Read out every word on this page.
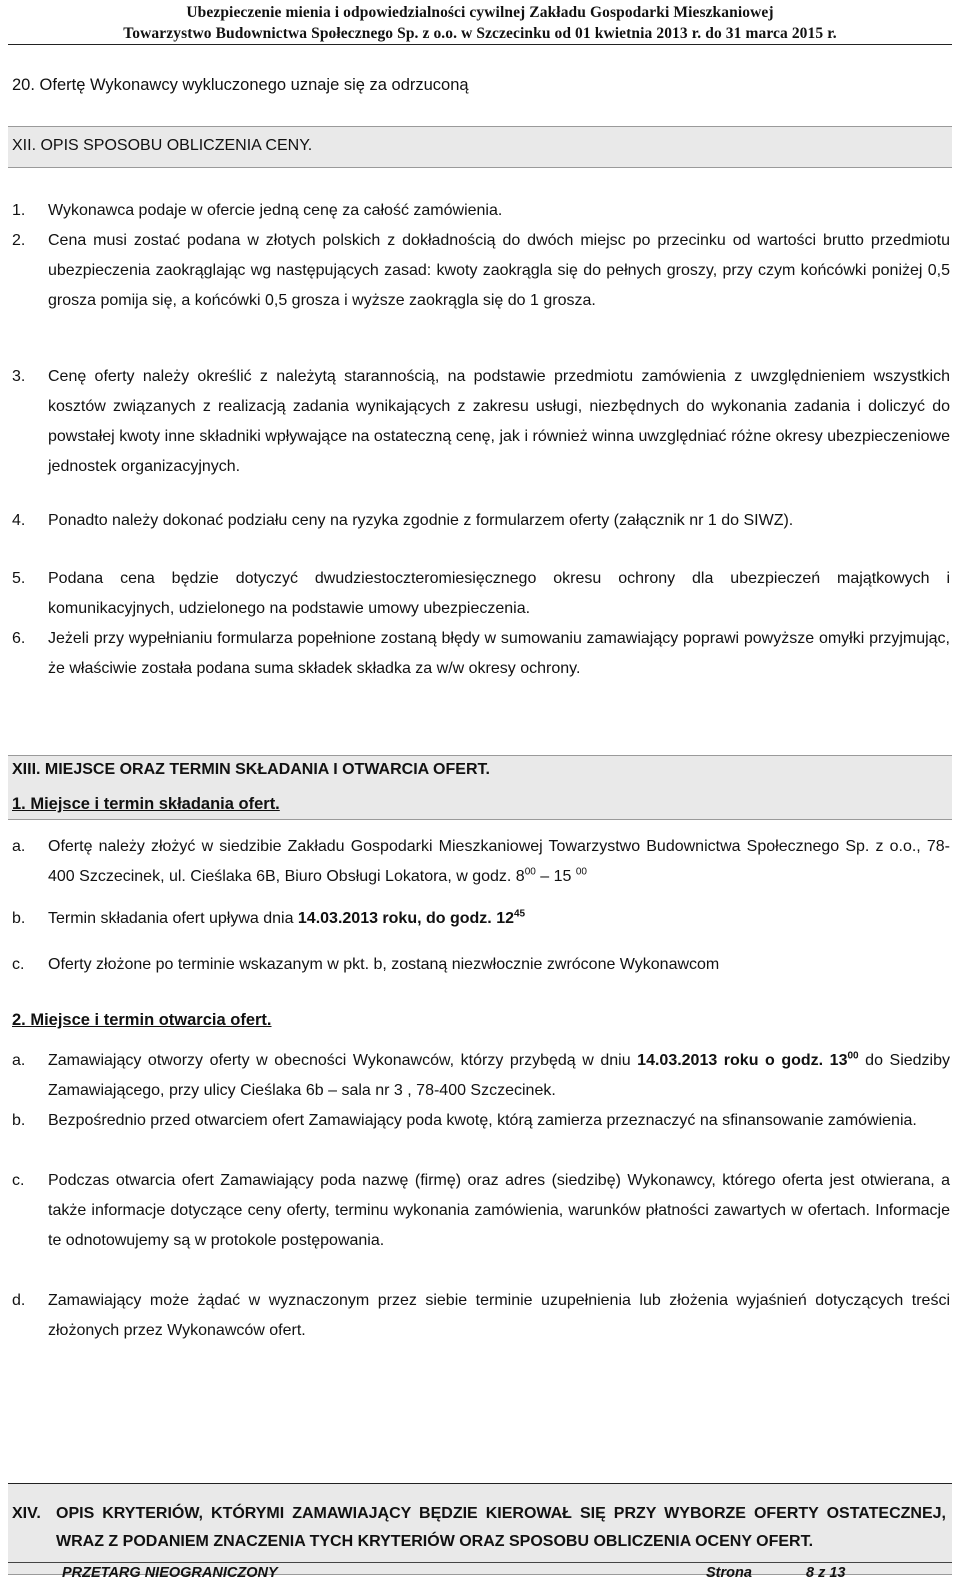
Ubezpieczenie mienia i odpowiedzialności cywilnej Zakładu Gospodarki Mieszkaniowej
Towarzystwo Budownictwa Społecznego Sp. z o.o. w Szczecinku od 01 kwietnia 2013 r. do 31 marca 2015 r.
20. Ofertę Wykonawcy wykluczonego uznaje się za odrzuconą
XII. OPIS SPOSOBU OBLICZENIA CENY.
1. Wykonawca podaje w ofercie jedną cenę za całość zamówienia.
2. Cena musi zostać podana w złotych polskich z dokładnością do dwóch miejsc po przecinku od wartości brutto przedmiotu ubezpieczenia zaokrąglając wg następujących zasad: kwoty zaokrągla się do pełnych groszy, przy czym końcówki poniżej 0,5 grosza pomija się, a końcówki 0,5 grosza i wyższe zaokrągla się do 1 grosza.
3. Cenę oferty należy określić z należytą starannością, na podstawie przedmiotu zamówienia z uwzględnieniem wszystkich kosztów związanych z realizacją zadania wynikających z zakresu usługi, niezbędnych do wykonania zadania i doliczyć do powstałej kwoty inne składniki wpływające na ostateczną cenę, jak i również winna uwzględniać różne okresy ubezpieczeniowe jednostek organizacyjnych.
4. Ponadto należy dokonać podziału ceny na ryzyka zgodnie z formularzem oferty (załącznik nr 1 do SIWZ).
5. Podana cena będzie dotyczyć dwudziestoczteromiesięcznego okresu ochrony dla ubezpieczeń majątkowych i komunikacyjnych, udzielonego na podstawie umowy ubezpieczenia.
6. Jeżeli przy wypełnianiu formularza popełnione zostaną błędy w sumowaniu zamawiający poprawi powyższe omyłki przyjmując, że właściwie została podana suma składek składka za w/w okresy ochrony.
XIII. MIEJSCE ORAZ TERMIN SKŁADANIA I OTWARCIA OFERT.
1. Miejsce i termin składania ofert.
a. Ofertę należy złożyć w siedzibie Zakładu Gospodarki Mieszkaniowej Towarzystwo Budownictwa Społecznego Sp. z o.o., 78-400 Szczecinek, ul. Cieślaka 6B, Biuro Obsługi Lokatora, w godz. $8^{00} - 15$ $^{00}$
b. Termin składania ofert upływa dnia 14.03.2013 roku, do godz. $12^{45}$
c. Oferty złożone po terminie wskazanym w pkt. b, zostaną niezwłocznie zwrócone Wykonawcom
2. Miejsce i termin otwarcia ofert.
a. Zamawiający otworzy oferty w obecności Wykonawców, którzy przybędą w dniu 14.03.2013 roku o godz. $13^{00}$ do Siedziby Zamawiającego, przy ulicy Cieślaka 6b – sala nr 3 , 78-400 Szczecinek.
b. Bezpośrednio przed otwarciem ofert Zamawiający poda kwotę, którą zamierza przeznaczyć na sfinansowanie zamówienia.
c. Podczas otwarcia ofert Zamawiający poda nazwę (firmę) oraz adres (siedzibę) Wykonawcy, którego oferta jest otwierana, a także informacje dotyczące ceny oferty, terminu wykonania zamówienia, warunków płatności zawartych w ofertach. Informacje te odnotowujemy są w protokole postępowania.
d. Zamawiający może żądać w wyznaczonym przez siebie terminie uzupełnienia lub złożenia wyjaśnień dotyczących treści złożonych przez Wykonawców ofert.
XIV. OPIS KRYTERIÓW, KTÓRYMI ZAMAWIAJĄCY BĘDZIE KIEROWAŁ SIĘ PRZY WYBORZE OFERTY OSTATECZNEJ, WRAZ Z PODANIEM ZNACZENIA TYCH KRYTERIÓW ORAZ SPOSOBU OBLICZENIA OCENY OFERT.
PRZETARG NIEOGRANICZONY	Strona	8 z 13
